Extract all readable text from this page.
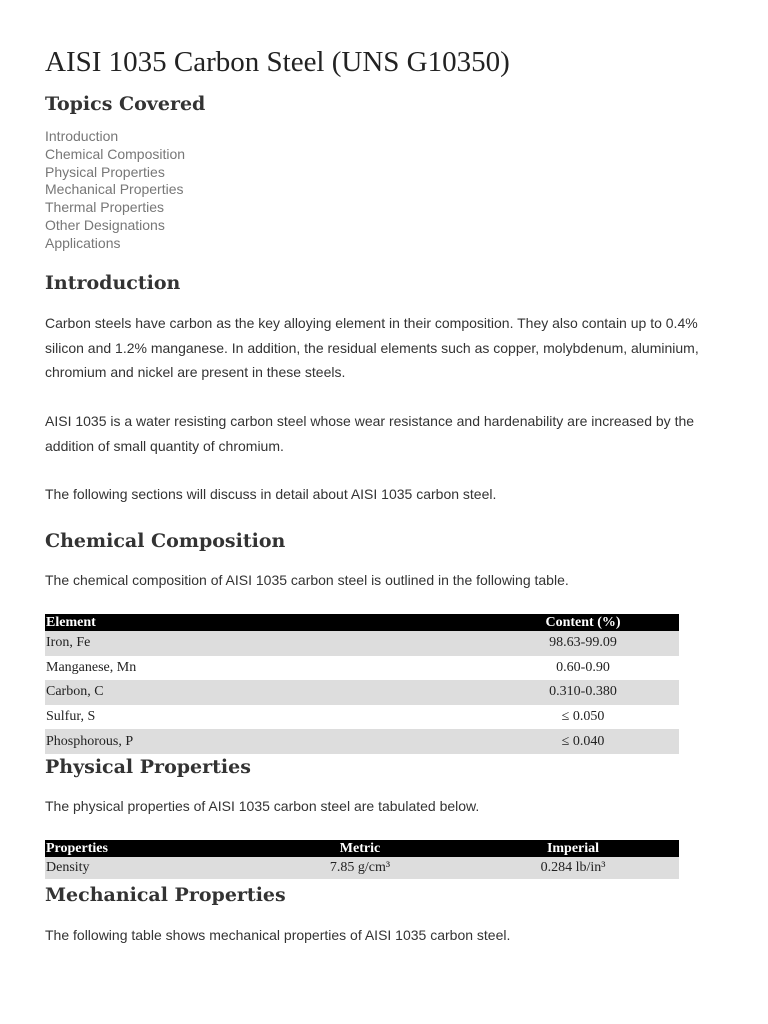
AISI 1035 Carbon Steel (UNS G10350)
Topics Covered
Introduction
Chemical Composition
Physical Properties
Mechanical Properties
Thermal Properties
Other Designations
Applications
Introduction

Carbon steels have carbon as the key alloying element in their composition. They also contain up to 0.4% silicon and 1.2% manganese. In addition, the residual elements such as copper, molybdenum, aluminium, chromium and nickel are present in these steels.

AISI 1035 is a water resisting carbon steel whose wear resistance and hardenability are increased by the addition of small quantity of chromium.

The following sections will discuss in detail about AISI 1035 carbon steel.

Chemical Composition

The chemical composition of AISI 1035 carbon steel is outlined in the following table.

Element	Content (%)
Iron, Fe	98.63-99.09
Manganese, Mn	0.60-0.90
Carbon, C	0.310-0.380
Sulfur, S	≤ 0.050
Phosphorous, P	≤ 0.040
Physical Properties

The physical properties of AISI 1035 carbon steel are tabulated below.

Properties	Metric	Imperial
Density	7.85 g/cm³	0.284 lb/in³
Mechanical Properties

The following table shows mechanical properties of AISI 1035 carbon steel.
